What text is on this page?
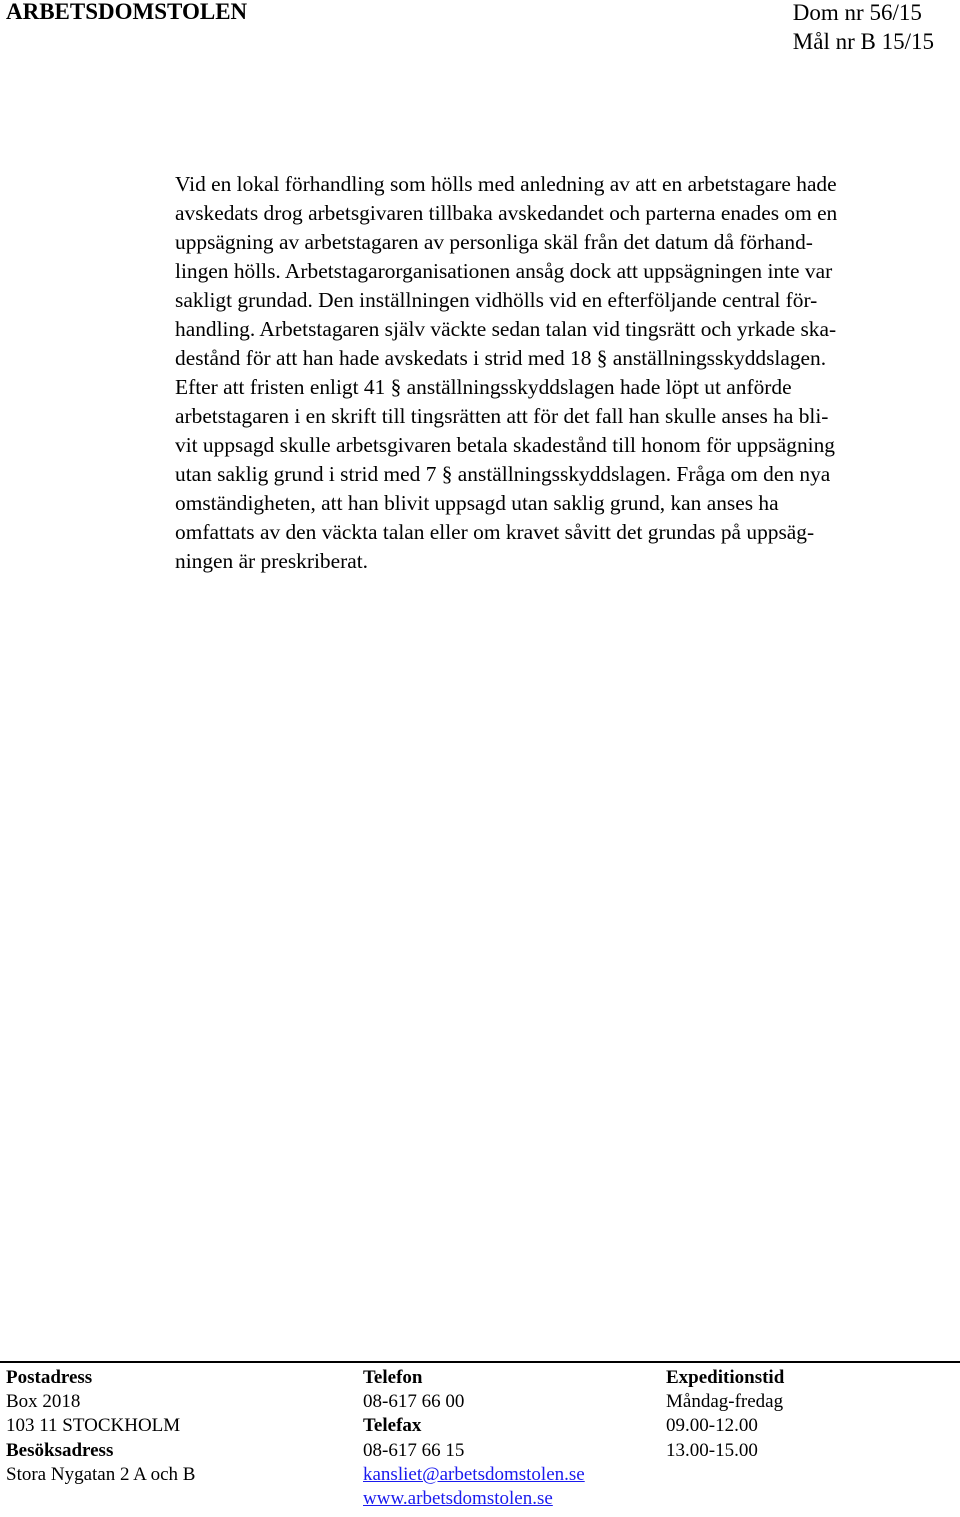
ARBETSDOMSTOLEN	Dom nr 56/15
Mål nr B 15/15

Vid en lokal förhandling som hölls med anledning av att en arbetstagare hade
avskedats drog arbetsgivaren tillbaka avskedandet och parterna enades om en
uppsägning av arbetstagaren av personliga skäl från det datum då förhand-
lingen hölls. Arbetstagarorganisationen ansåg dock att uppsägningen inte var
sakligt grundad. Den inställningen vidhölls vid en efterföljande central för-
handling. Arbetstagaren själv väckte sedan talan vid tingsrätt och yrkade ska-
destånd för att han hade avskedats i strid med 18 § anställningsskyddslagen.
Efter att fristen enligt 41 § anställningsskyddslagen hade löpt ut anförde
arbetstagaren i en skrift till tingsrätten att för det fall han skulle anses ha bli-
vit uppsagd skulle arbetsgivaren betala skadestånd till honom för uppsägning
utan saklig grund i strid med 7 § anställningsskyddslagen. Fråga om den nya
omständigheten, att han blivit uppsagd utan saklig grund, kan anses ha
omfattats av den väckta talan eller om kravet såvitt det grundas på uppsäg-
ningen är preskriberat.

Postadress
Box 2018
103 11 STOCKHOLM
Besöksadress
Stora Nygatan 2 A och B
Telefon
08-617 66 00
Telefax
08-617 66 15
kansliet@arbetsdomstolen.se
www.arbetsdomstolen.se
Expeditionstid
Måndag-fredag
09.00-12.00
13.00-15.00
